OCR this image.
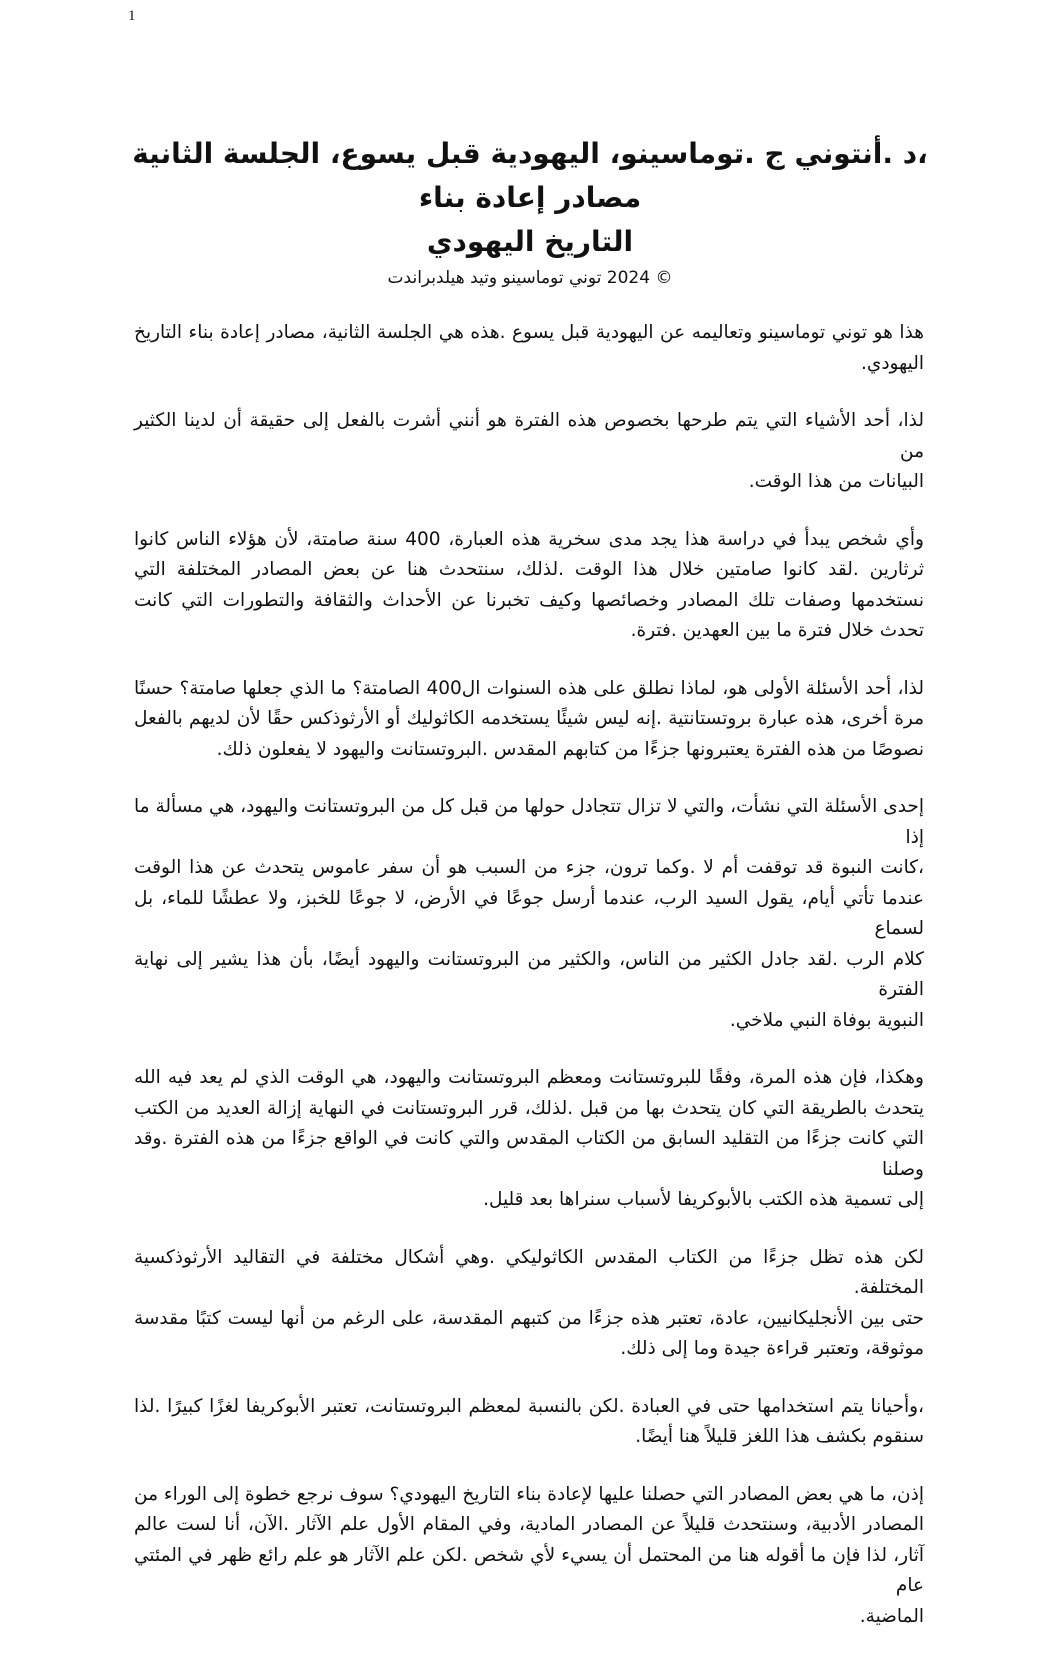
1
،د .أنتوني ج .توماسينو، اليهودية قبل يسوع، الجلسة الثانية
مصادر إعادة بناء
التاريخ اليهودي
© 2024 توني توماسينو وتيد هيلدبراندت
هذا هو توني توماسينو وتعاليمه عن اليهودية قبل يسوع .هذه هي الجلسة الثانية، مصادر إعادة بناء التاريخ
اليهودي.
لذا، أحد الأشياء التي يتم طرحها بخصوص هذه الفترة هو أنني أشرت بالفعل إلى حقيقة أن لدينا الكثير من
البيانات من هذا الوقت.
وأي شخص يبدأ في دراسة هذا يجد مدى سخرية هذه العبارة، 400 سنة صامتة، لأن هؤلاء الناس كانوا
ثرثارين .لقد كانوا صامتين خلال هذا الوقت .لذلك، سنتحدث هنا عن بعض المصادر المختلفة التي
نستخدمها وصفات تلك المصادر وخصائصها وكيف تخبرنا عن الأحداث والثقافة والتطورات التي كانت
تحدث خلال فترة ما بين العهدين .فترة.
لذا، أحد الأسئلة الأولى هو، لماذا نطلق على هذه السنوات ال400 الصامتة؟ ما الذي جعلها صامتة؟ حسنًا
مرة أخرى، هذه عبارة بروتستانتية .إنه ليس شيئًا يستخدمه الكاثوليك أو الأرثوذكس حقًا لأن لديهم بالفعل
نصوصًا من هذه الفترة يعتبرونها جزءًا من كتابهم المقدس .البروتستانت واليهود لا يفعلون ذلك.
إحدى الأسئلة التي نشأت، والتي لا تزال تتجادل حولها من قبل كل من البروتستانت واليهود، هي مسألة ما إذا
،كانت النبوة قد توقفت أم لا .وكما ترون، جزء من السبب هو أن سفر عاموس يتحدث عن هذا الوقت
عندما تأتي أيام، يقول السيد الرب، عندما أرسل جوعًا في الأرض، لا جوعًا للخبز، ولا عطشًا للماء، بل لسماع
كلام الرب .لقد جادل الكثير من الناس، والكثير من البروتستانت واليهود أيضًا، بأن هذا يشير إلى نهاية الفترة
النبوية بوفاة النبي ملاخي.
وهكذا، فإن هذه المرة، وفقًا للبروتستانت ومعظم البروتستانت واليهود، هي الوقت الذي لم يعد فيه الله
يتحدث بالطريقة التي كان يتحدث بها من قبل .لذلك، قرر البروتستانت في النهاية إزالة العديد من الكتب
التي كانت جزءًا من التقليد السابق من الكتاب المقدس والتي كانت في الواقع جزءًا من هذه الفترة .وقد وصلنا
إلى تسمية هذه الكتب بالأبوكريفا لأسباب سنراها بعد قليل.
لكن هذه تظل جزءًا من الكتاب المقدس الكاثوليكي .وهي أشكال مختلفة في التقاليد الأرثوذكسية المختلفة.
حتى بين الأنجليكانيين، عادة، تعتبر هذه جزءًا من كتبهم المقدسة، على الرغم من أنها ليست كتبًا مقدسة
موثوقة، وتعتبر قراءة جيدة وما إلى ذلك.
،وأحيانا يتم استخدامها حتى في العبادة .لكن بالنسبة لمعظم البروتستانت، تعتبر الأبوكريفا لغزًا كبيرًا .لذا
سنقوم بكشف هذا اللغز قليلاً هنا أيضًا.
إذن، ما هي بعض المصادر التي حصلنا عليها لإعادة بناء التاريخ اليهودي؟ سوف نرجع خطوة إلى الوراء من
المصادر الأدبية، وسنتحدث قليلاً عن المصادر المادية، وفي المقام الأول علم الآثار .الآن، أنا لست عالم
آثار، لذا فإن ما أقوله هنا من المحتمل أن يسيء لأي شخص .لكن علم الآثار هو علم رائع ظهر في المئتي عام
الماضية.
